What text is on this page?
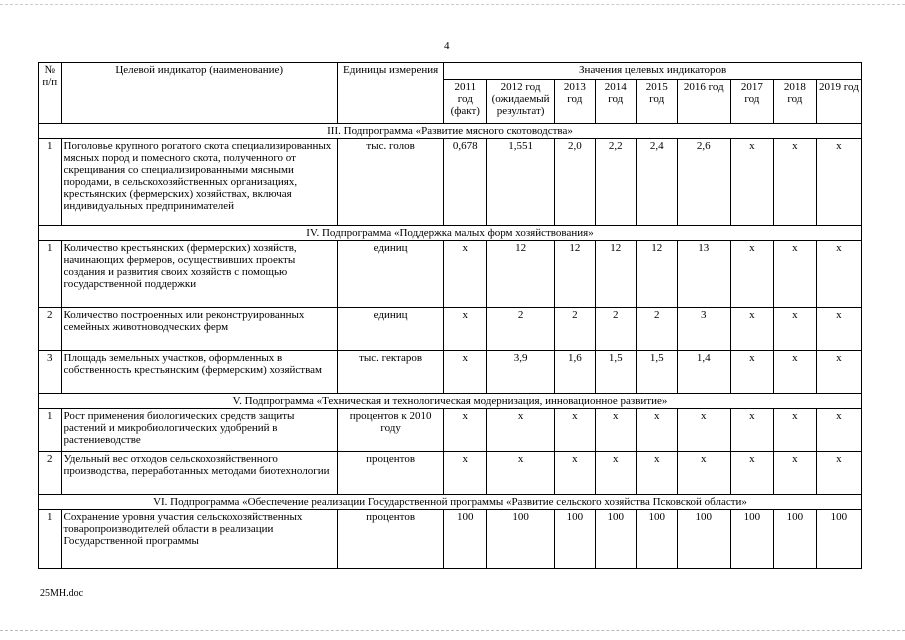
4
№ п/п	Целевой индикатор (наименование)	Единицы измерения	Значения целевых индикаторов								
			2011 год (факт)	2012 год (ожидаемый результат)	2013 год	2014 год	2015 год	2016 год	2017 год	2018 год	2019 год
III. Подпрограмма «Развитие мясного скотоводства»											
1	Поголовье крупного рогатого скота специализированных мясных пород и помесного скота, полученного от скрещивания со специализированными мясными породами, в сельскохозяйственных организациях, крестьянских (фермерских) хозяйствах, включая индивидуальных предпринимателей	тыс. голов	0,678	1,551	2,0	2,2	2,4	2,6	х	х	х
IV. Подпрограмма «Поддержка малых форм хозяйствования»											
1	Количество крестьянских (фермерских) хозяйств, начинающих фермеров, осуществивших проекты создания и развития своих хозяйств с помощью государственной поддержки	единиц	х	12	12	12	12	13	х	х	х
2	Количество построенных или реконструированных семейных животноводческих ферм	единиц	х	2	2	2	2	3	х	х	х
3	Площадь земельных участков, оформленных в собственность крестьянским (фермерским) хозяйствам	тыс. гектаров	х	3,9	1,6	1,5	1,5	1,4	х	х	х
V. Подпрограмма «Техническая и технологическая модернизация, инновационное развитие»											
1	Рост применения биологических средств защиты растений и микробиологических удобрений в растениеводстве	процентов к 2010 году	х	х	х	х	х	х	х	х	х
2	Удельный вес отходов сельскохозяйственного производства, переработанных методами биотехнологии	процентов	х	х	х	х	х	х	х	х	х
VI. Подпрограмма «Обеспечение реализации Государственной программы «Развитие сельского хозяйства Псковской области»											
1	Сохранение уровня участия сельскохозяйственных товаропроизводителей области в реализации Государственной программы	процентов	100	100	100	100	100	100	100	100	100
25МН.doc
